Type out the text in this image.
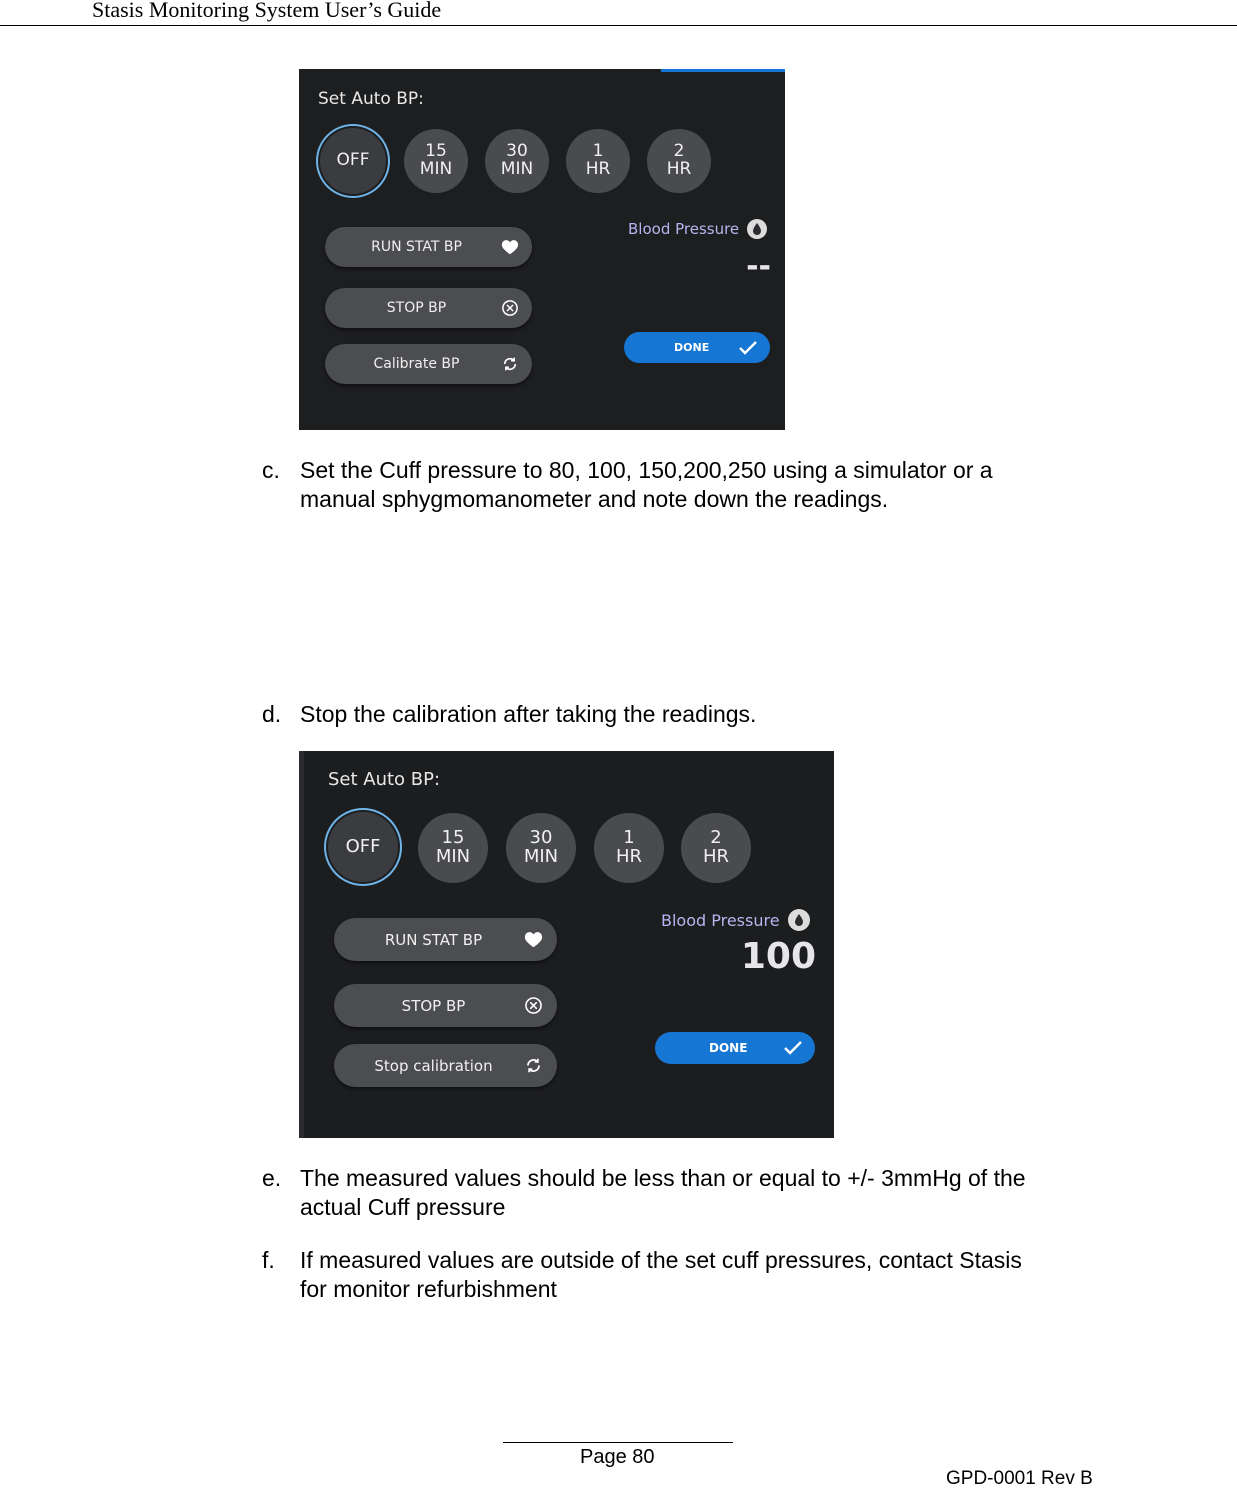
Stasis Monitoring System User’s Guide
Set Auto BP:
OFF	15
MIN
30
MIN
1
HR
2
HR
RUN STAT BP
STOP BP
Calibrate BP
Blood Pressure
--
DONE
c. Set the Cuff pressure to 80, 100, 150,200,250 using a simulator or a
manual sphygmomanometer and note down the readings.
d. Stop the calibration after taking the readings.
Set Auto BP:
OFF	15
MIN
30
MIN
1
HR
2
HR
RUN STAT BP
STOP BP
Stop calibration
Blood Pressure
100
DONE
e. The measured values should be less than or equal to +/- 3mmHg of the
actual Cuff pressure
f. If measured values are outside of the set cuff pressures, contact Stasis
for monitor refurbishment
Page 80
GPD-0001 Rev B
